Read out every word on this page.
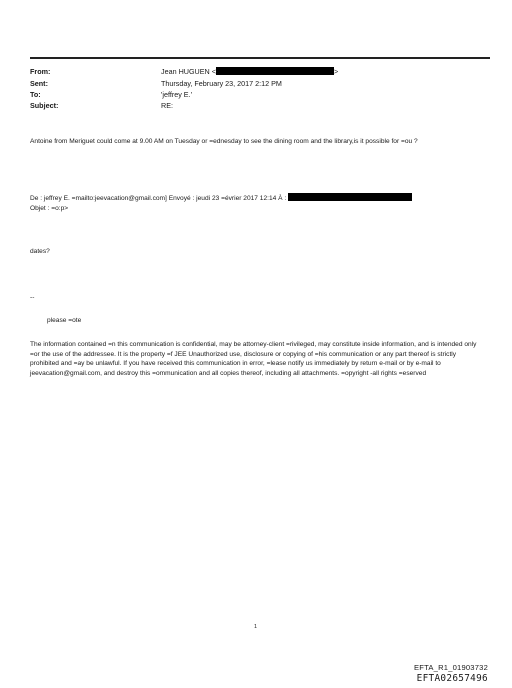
From:	Jean HUGUEN <	>
Sent:	Thursday, February 23, 2017 2:12 PM
To:	'jeffrey E.'
Subject:	RE:
Antoine from Meriguet could come at 9.00 AM on Tuesday or =ednesday to see the dining room and the library,is it possible for =ou ?
De : jeffrey E. =mailto:jeevacation@gmail.com] Envoyé : jeudi 23 =évrier 2017 12:14 À :
Objet : =o:p>
dates?
--
please =ote
The information contained =n this communication is confidential, may be attorney-client =rivileged, may constitute inside information, and is intended only =or the use of the addressee. It is the property =f JEE Unauthorized use, disclosure or copying of =his communication or any part thereof is strictly prohibited and =ay be unlawful. If you have received this communication in error, =lease notify us immediately by return e-mail or by e-mail to jeevacation@gmail.com, and destroy this =ommunication and all copies thereof, including all attachments. =opyright -all rights =eserved
1
EFTA_R1_01903732
EFTA02657496
